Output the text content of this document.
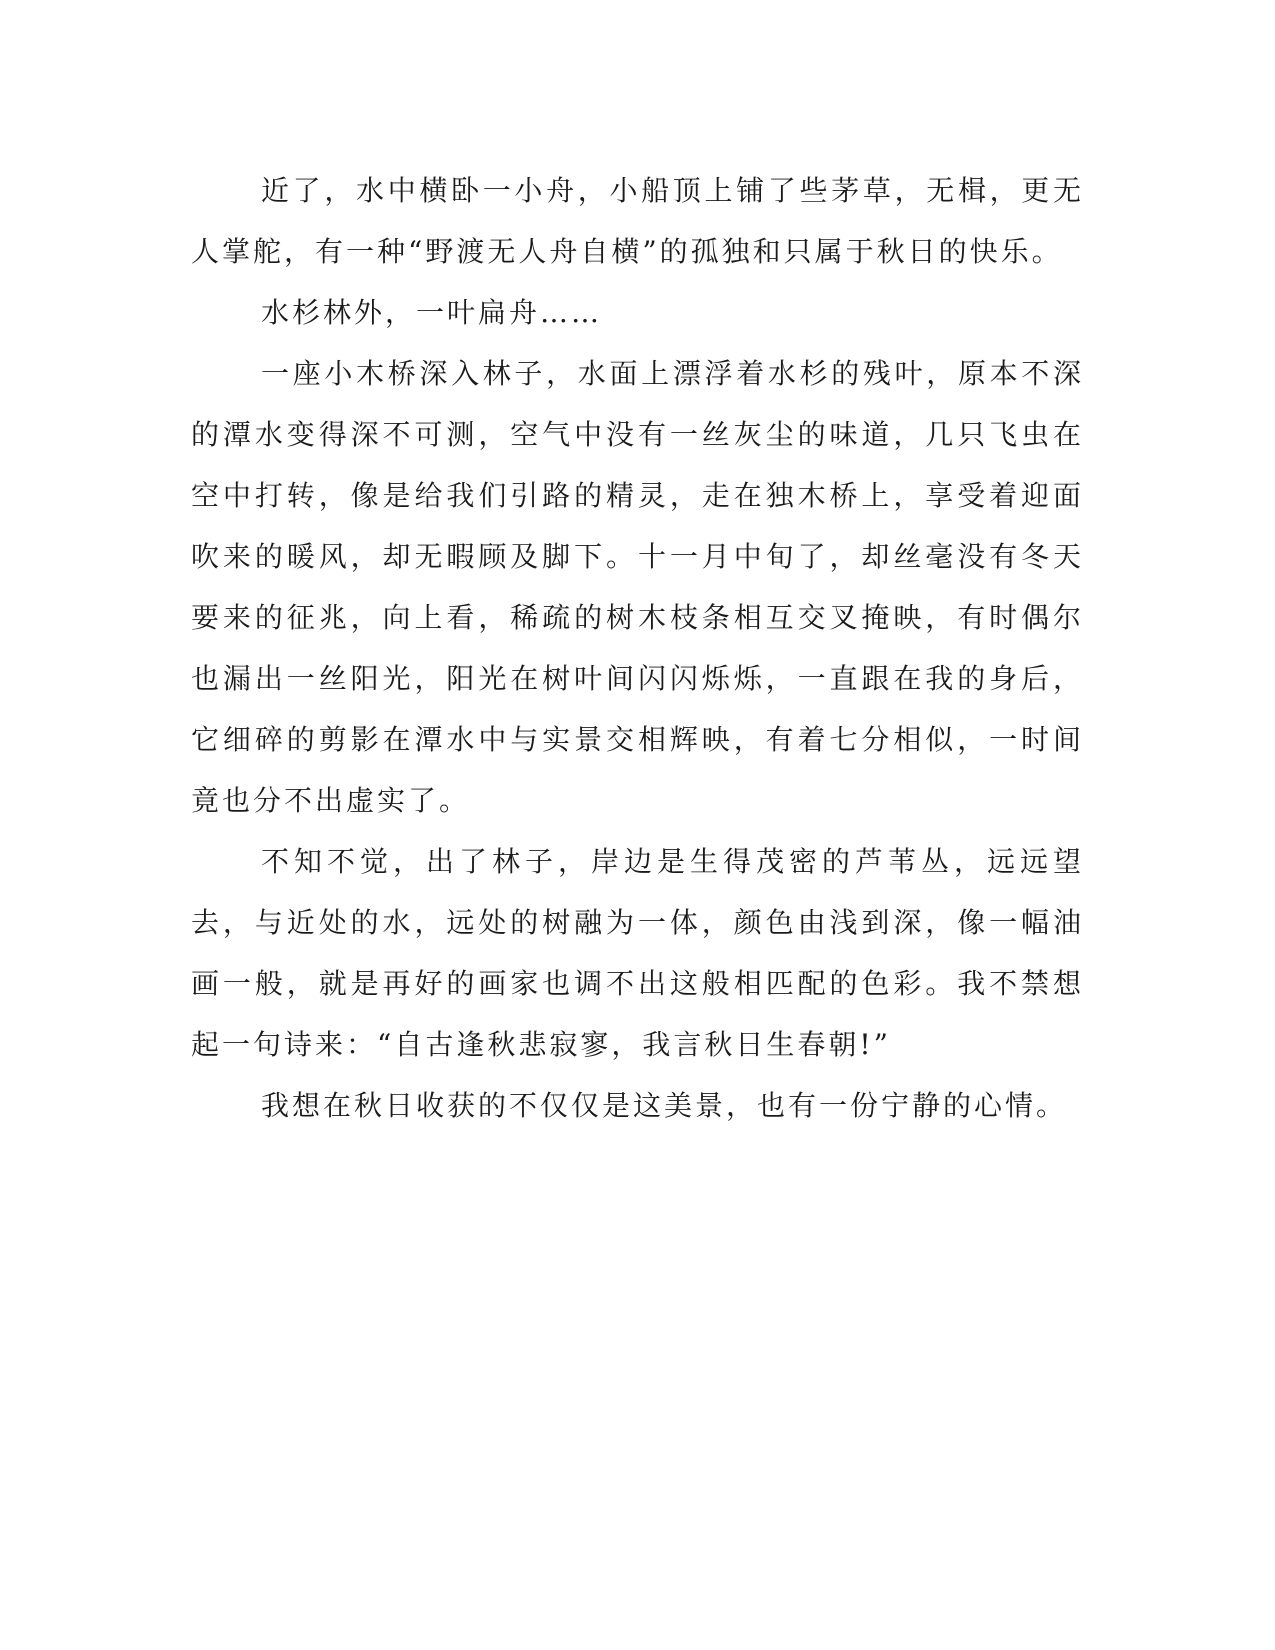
近了，水中横卧一小舟，小船顶上铺了些茅草，无楫，更无人掌舵，有一种“野渡无人舟自横”的孤独和只属于秋日的快乐。

水杉林外，一叶扁舟……

一座小木桥深入林子，水面上漂浮着水杉的残叶，原本不深的潭水变得深不可测，空气中没有一丝灰尘的味道，几只飞虫在空中打转，像是给我们引路的精灵，走在独木桥上，享受着迎面吹来的暖风，却无暇顾及脚下。十一月中旬了，却丝毫没有冬天要来的征兆，向上看，稀疏的树木枝条相互交叉掩映，有时偶尔也漏出一丝阳光，阳光在树叶间闪闪烁烁，一直跟在我的身后，它细碎的剪影在潭水中与实景交相辉映，有着七分相似，一时间竟也分不出虚实了。

不知不觉，出了林子，岸边是生得茂密的芦苇丛，远远望去，与近处的水，远处的树融为一体，颜色由浅到深，像一幅油画一般，就是再好的画家也调不出这般相匹配的色彩。我不禁想起一句诗来：“自古逢秋悲寂寥，我言秋日生春朝!”

我想在秋日收获的不仅仅是这美景，也有一份宁静的心情。
